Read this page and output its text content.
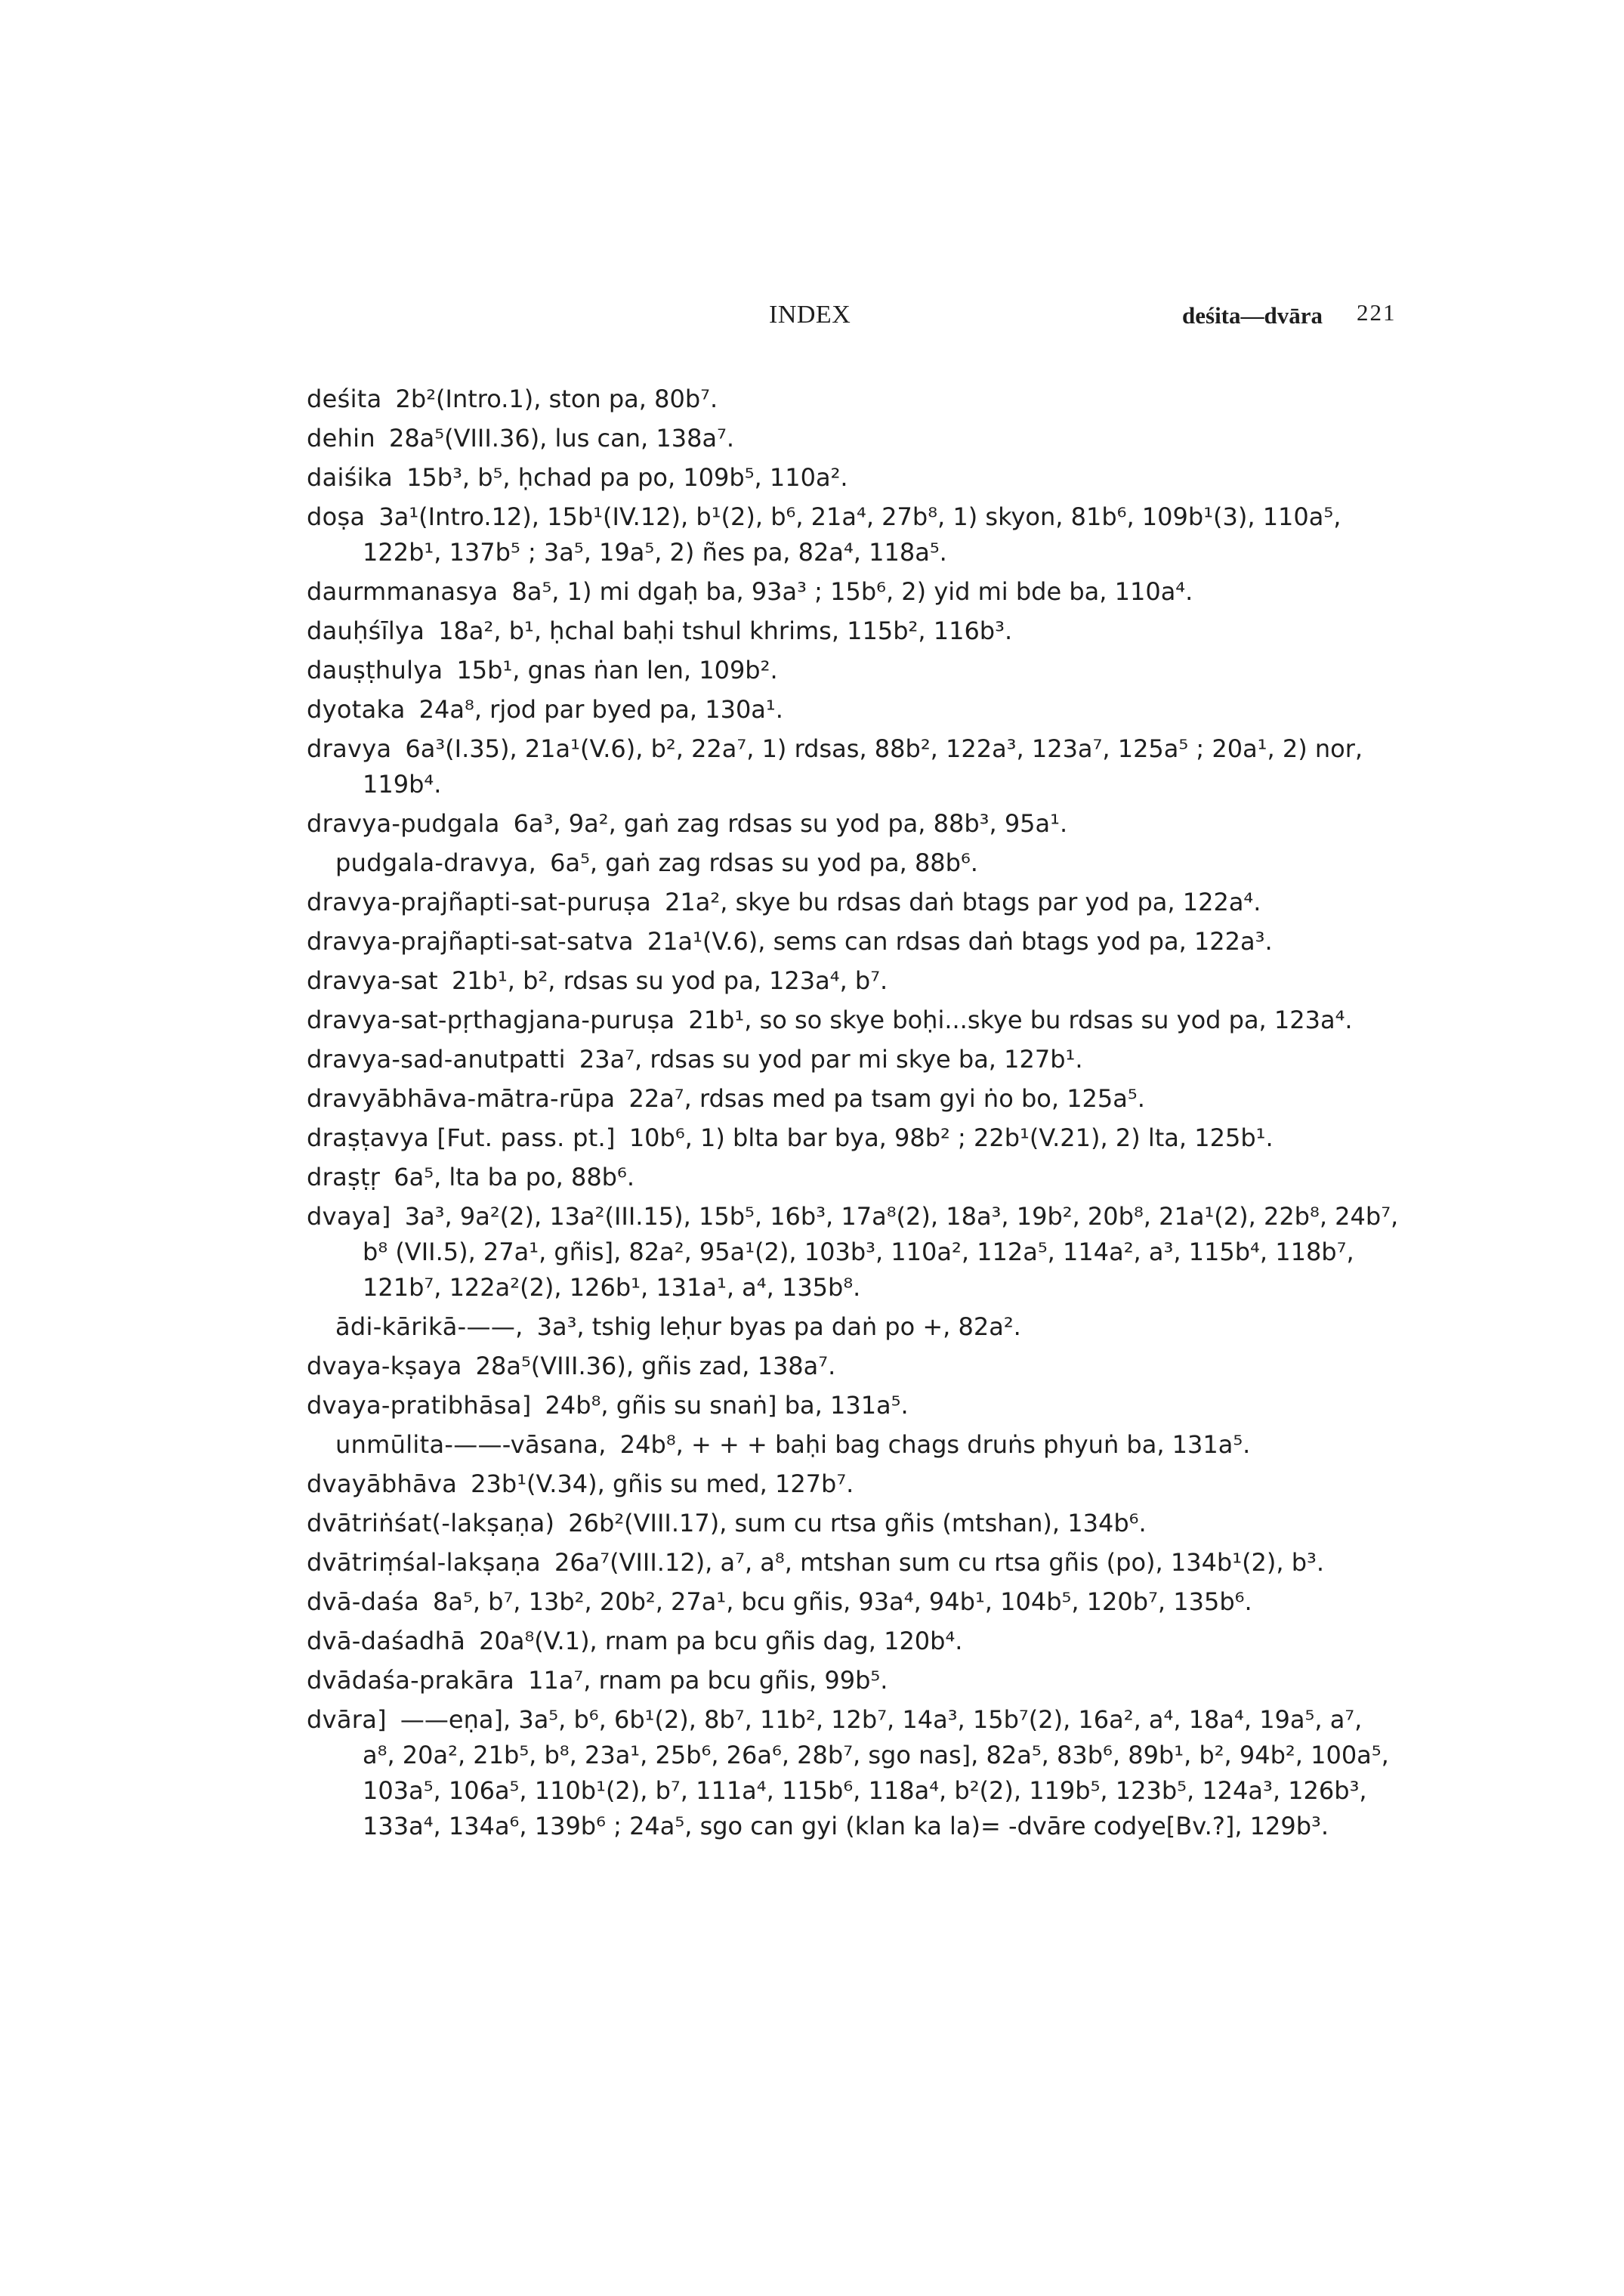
INDEX	deśita—dvāra 221

deśita 2b²(Intro.1), ston pa, 80b⁷.

dehin 28a⁵(VIII.36), lus can, 138a⁷.

daiśika 15b³, b⁵, ḥchad pa po, 109b⁵, 110a².

doṣa 3a¹(Intro.12), 15b¹(IV.12), b¹(2), b⁶, 21a⁴, 27b⁸, 1) skyon, 81b⁶, 109b¹(3), 110a⁵, 122b¹, 137b⁵ ; 3a⁵, 19a⁵, 2) ñes pa, 82a⁴, 118a⁵.

daurmmanasya 8a⁵, 1) mi dgaḥ ba, 93a³ ; 15b⁶, 2) yid mi bde ba, 110a⁴.

dauḥśīlya 18a², b¹, ḥchal baḥi tshul khrims, 115b², 116b³.

dauṣṭhulya 15b¹, gnas ṅan len, 109b².

dyotaka 24a⁸, rjod par byed pa, 130a¹.

dravya 6a³(I.35), 21a¹(V.6), b², 22a⁷, 1) rdsas, 88b², 122a³, 123a⁷, 125a⁵ ; 20a¹, 2) nor, 119b⁴.

dravya-pudgala 6a³, 9a², gaṅ zag rdsas su yod pa, 88b³, 95a¹.

pudgala-dravya, 6a⁵, gaṅ zag rdsas su yod pa, 88b⁶.

dravya-prajñapti-sat-puruṣa 21a², skye bu rdsas daṅ btags par yod pa, 122a⁴.

dravya-prajñapti-sat-satva 21a¹(V.6), sems can rdsas daṅ btags yod pa, 122a³.

dravya-sat 21b¹, b², rdsas su yod pa, 123a⁴, b⁷.

dravya-sat-pṛthagjana-puruṣa 21b¹, so so skye boḥi...skye bu rdsas su yod pa, 123a⁴.

dravya-sad-anutpatti 23a⁷, rdsas su yod par mi skye ba, 127b¹.

dravyābhāva-mātra-rūpa 22a⁷, rdsas med pa tsam gyi ṅo bo, 125a⁵.

draṣṭavya [Fut. pass. pt.] 10b⁶, 1) blta bar bya, 98b² ; 22b¹(V.21), 2) lta, 125b¹.

draṣṭṛ 6a⁵, lta ba po, 88b⁶.

dvaya] 3a³, 9a²(2), 13a²(III.15), 15b⁵, 16b³, 17a⁸(2), 18a³, 19b², 20b⁸, 21a¹(2), 22b⁸, 24b⁷, b⁸ (VII.5), 27a¹, gñis], 82a², 95a¹(2), 103b³, 110a², 112a⁵, 114a², a³, 115b⁴, 118b⁷, 121b⁷, 122a²(2), 126b¹, 131a¹, a⁴, 135b⁸.

ādi-kārikā-——, 3a³, tshig leḥur byas pa daṅ po +, 82a².

dvaya-kṣaya 28a⁵(VIII.36), gñis zad, 138a⁷.

dvaya-pratibhāsa] 24b⁸, gñis su snaṅ] ba, 131a⁵.

unmūlita-——-vāsana, 24b⁸, + + + baḥi bag chags druṅs phyuṅ ba, 131a⁵.

dvayābhāva 23b¹(V.34), gñis su med, 127b⁷.

dvātriṅśat(-lakṣaṇa) 26b²(VIII.17), sum cu rtsa gñis (mtshan), 134b⁶.

dvātriṃśal-lakṣaṇa 26a⁷(VIII.12), a⁷, a⁸, mtshan sum cu rtsa gñis (po), 134b¹(2), b³.

dvā-daśa 8a⁵, b⁷, 13b², 20b², 27a¹, bcu gñis, 93a⁴, 94b¹, 104b⁵, 120b⁷, 135b⁶.

dvā-daśadhā 20a⁸(V.1), rnam pa bcu gñis dag, 120b⁴.

dvādaśa-prakāra 11a⁷, rnam pa bcu gñis, 99b⁵.

dvāra] ——eṇa], 3a⁵, b⁶, 6b¹(2), 8b⁷, 11b², 12b⁷, 14a³, 15b⁷(2), 16a², a⁴, 18a⁴, 19a⁵, a⁷, a⁸, 20a², 21b⁵, b⁸, 23a¹, 25b⁶, 26a⁶, 28b⁷, sgo nas], 82a⁵, 83b⁶, 89b¹, b², 94b², 100a⁵, 103a⁵, 106a⁵, 110b¹(2), b⁷, 111a⁴, 115b⁶, 118a⁴, b²(2), 119b⁵, 123b⁵, 124a³, 126b³, 133a⁴, 134a⁶, 139b⁶ ; 24a⁵, sgo can gyi (klan ka la)= -dvāre codye[Bv.?], 129b³.
